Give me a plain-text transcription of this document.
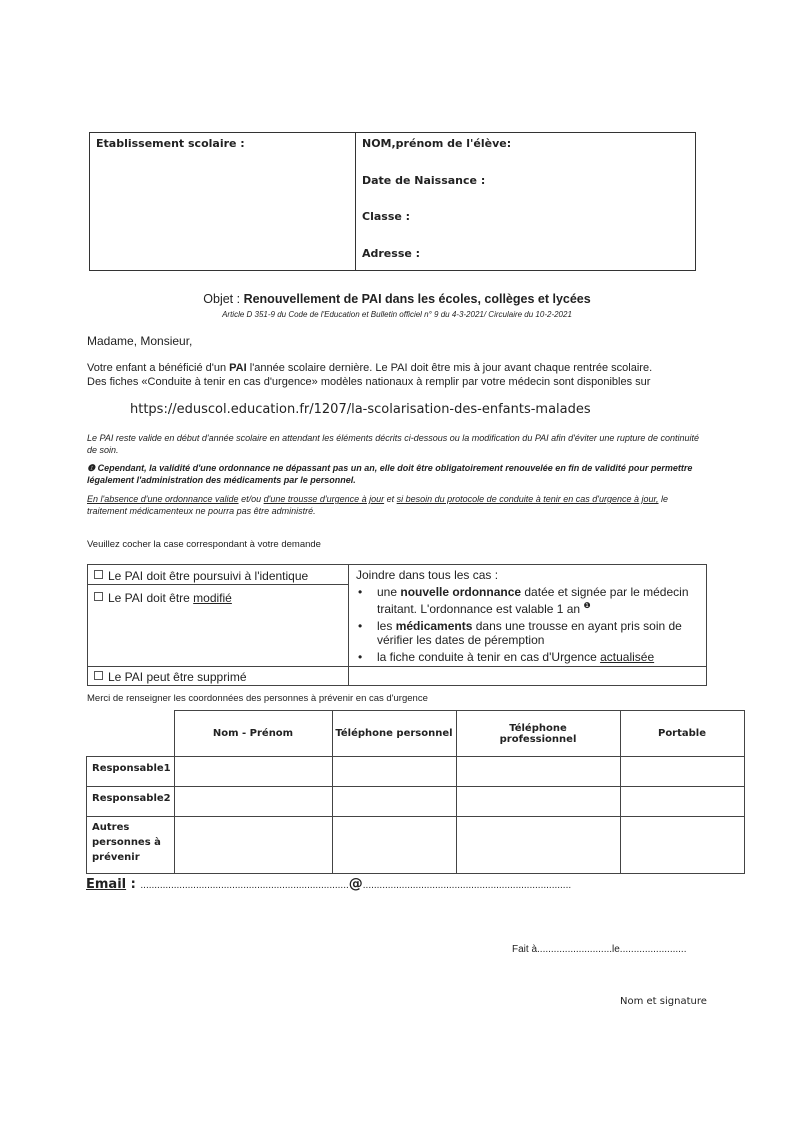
Etablissement scolaire :	NOM,prénom de l'élève:
Date de Naissance :
Classe :
Adresse :
Objet : Renouvellement de PAI dans les écoles, collèges et lycées
Article D 351-9 du Code de l'Education et Bulletin officiel n° 9 du 4-3-2021/ Circulaire du 10-2-2021
Madame, Monsieur,
Votre enfant a bénéficié d'un PAI l'année scolaire dernière. Le PAI doit être mis à jour avant chaque rentrée scolaire.
Des fiches «Conduite à tenir en cas d'urgence» modèles nationaux à remplir par votre médecin sont disponibles sur
https://eduscol.education.fr/1207/la-scolarisation-des-enfants-malades
Le PAI reste valide en début d'année scolaire en attendant les éléments décrits ci-dessous ou la modification du PAI afin d'éviter une rupture de continuité de soin.
❶ Cependant, la validité d'une ordonnance ne dépassant pas un an, elle doit être obligatoirement renouvelée en fin de validité pour permettre légalement l'administration des médicaments par le personnel.
En l'absence d'une ordonnance valide et/ou d'une trousse d'urgence à jour et si besoin du protocole de conduite à tenir en cas d'urgence à jour, le traitement médicamenteux ne pourra pas être administré.
Veuillez cocher la case correspondant à votre demande
Le PAI doit être poursuivi à l'identique
Le PAI doit être modifié
Le PAI peut être supprimé
Joindre dans tous les cas :
• une nouvelle ordonnance datée et signée par le médecin traitant. L'ordonnance est valable 1 an $^❶$
• les médicaments dans une trousse en ayant pris soin de vérifier les dates de péremption
• la fiche conduite à tenir en cas d'Urgence actualisée
Merci de renseigner les coordonnées des personnes à prévenir en cas d'urgence
	Nom - Prénom	Téléphone personnel	Téléphone professionnel	Portable
Responsable1				
Responsable2				
Autres personnes à prévenir				
Email : ...........................................................................@...........................................................................
Fait à...........................le........................
Nom et signature
